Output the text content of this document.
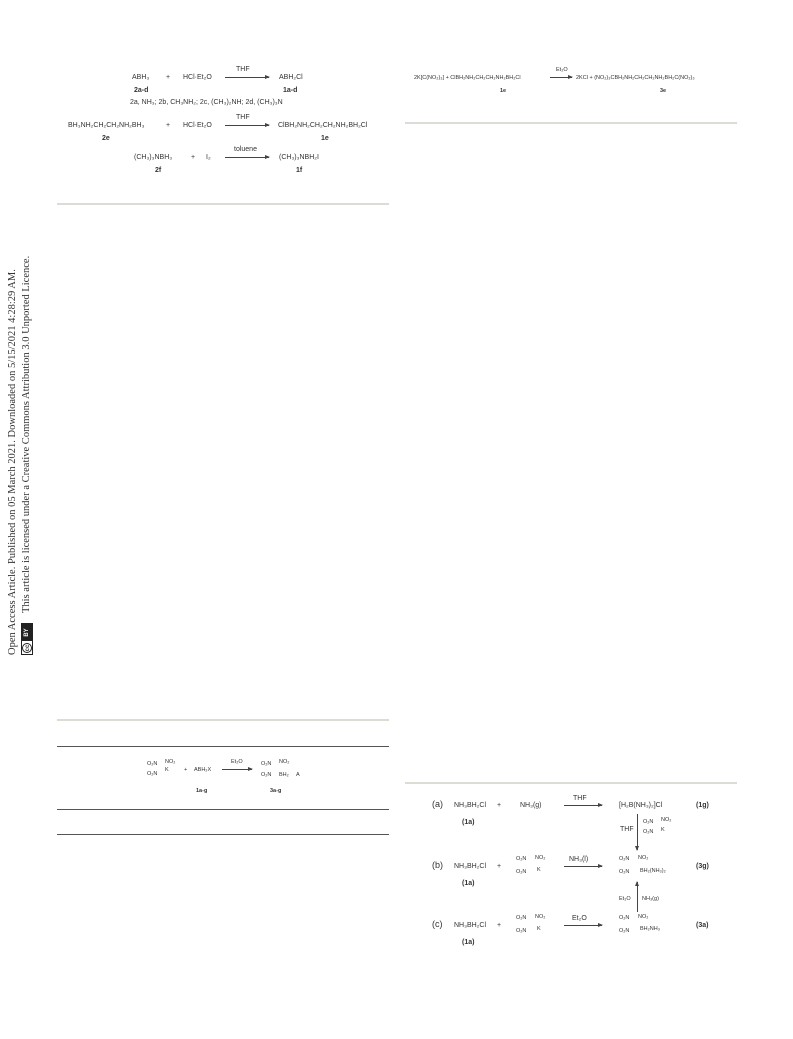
Open Access Article. Published on 05 March 2021. Downloaded on 5/15/2021 4:28:29 AM. This article is licensed under a Creative Commons Attribution 3.0 Unported Licence.
cc
BY
ABH₃ + HCl·Et₂O
THF
ABH₂Cl
2a-d	1a-d
2a, NH₃; 2b, CH₃NH₂; 2c, (CH₃)₂NH; 2d, (CH₃)₃N
BH₃NH₂CH₂CH₂NH₂BH₃	+ HCl·Et₂O
THF
ClBH₂NH₂CH₂CH₂NH₂BH₂Cl
2e	1e
(CH₃)₃NBH₃	+ I₂
toluene
(CH₃)₃NBH₂I
2f	1f
2K[C(NO₂)₃] + ClBH₂NH₂CH₂CH₂NH₂BH₂Cl
Et₂O
2KCl + (NO₂)₃CBH₂NH₂CH₂CH₂NH₂BH₂C(NO₂)₃
1e	3e
O₂N NO₂
K
O₂N
+ ABH₂X
Et₂O	O₂N NO₂
O₂N BH₂ A
1a-g	3a-g
(a) NH₃BH₂Cl +	NH₃(g)
THF
[H₂B(NH₃)₂]Cl	(1g)
(1a)
THF
O₂N NO₂
O₂N K
(b) NH₃BH₂Cl +
O₂N NO₂
O₂N K
NH₃(l)	O₂N NO₂
O₂N BH₂(NH₃)₂
(3g)
(1a)
Et₂O NH₃(g)
(c) NH₃BH₂Cl +
O₂N NO₂
O₂N K
Et₂O	O₂N NO₂
O₂N BH₂NH₃	(3a)
(1a)
